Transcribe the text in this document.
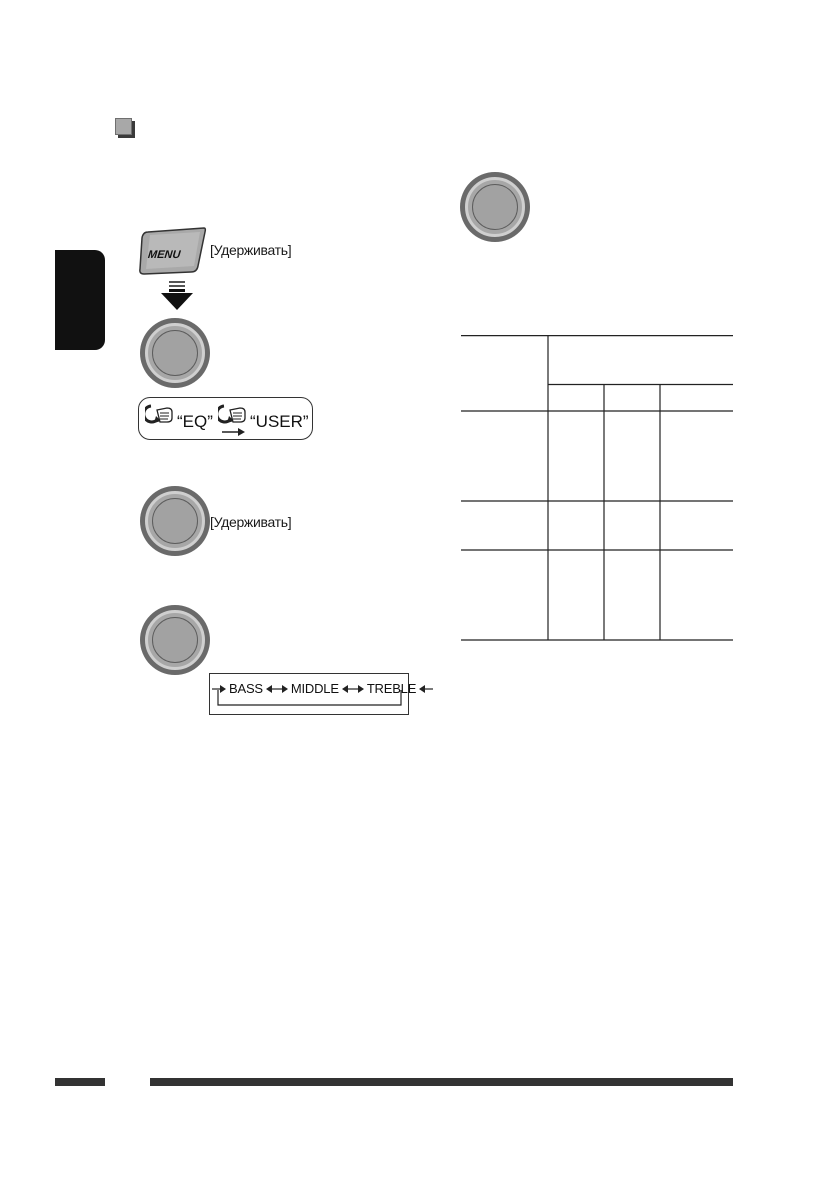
MENU [Удерживать]
“EQ” “USER”
[Удерживать]
BASS MIDDLE TREBLE
